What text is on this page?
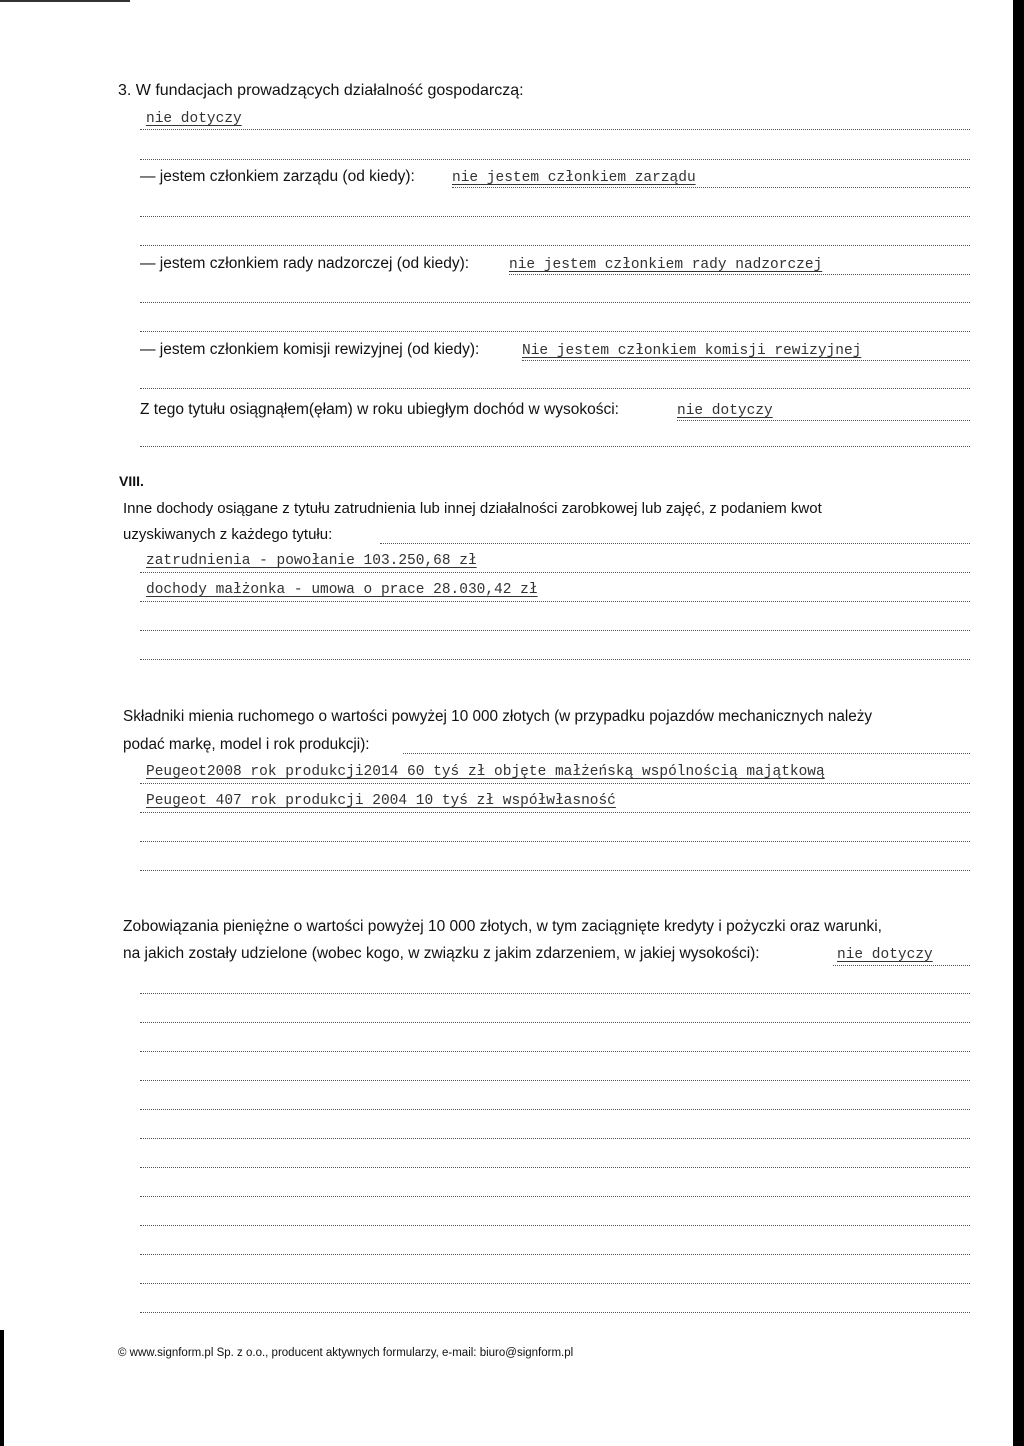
3. W fundacjach prowadzących działalność gospodarczą:
nie dotyczy
— jestem członkiem zarządu (od kiedy):	nie jestem członkiem zarządu
— jestem członkiem rady nadzorczej (od kiedy):	nie jestem członkiem rady nadzorczej
— jestem członkiem komisji rewizyjnej (od kiedy):	Nie jestem członkiem komisji rewizyjnej
Z tego tytułu osiągnąłem(ęłam) w roku ubiegłym dochód w wysokości:	nie dotyczy
VIII.
Inne dochody osiągane z tytułu zatrudnienia lub innej działalności zarobkowej lub zajęć, z podaniem kwot
uzyskiwanych z każdego tytułu:
zatrudnienia - powołanie 103.250,68 zł
dochody małżonka - umowa o prace 28.030,42 zł
Składniki mienia ruchomego o wartości powyżej 10 000 złotych (w przypadku pojazdów mechanicznych należy
podać markę, model i rok produkcji):
Peugeot2008 rok produkcji2014 60 tyś zł objęte małżeńską wspólnością majątkową
Peugeot 407 rok produkcji 2004 10 tyś zł współwłasność
Zobowiązania pieniężne o wartości powyżej 10 000 złotych, w tym zaciągnięte kredyty i pożyczki oraz warunki,
na jakich zostały udzielone (wobec kogo, w związku z jakim zdarzeniem, w jakiej wysokości):	nie dotyczy
© www.signform.pl Sp. z o.o., producent aktywnych formularzy, e-mail: biuro@signform.pl
